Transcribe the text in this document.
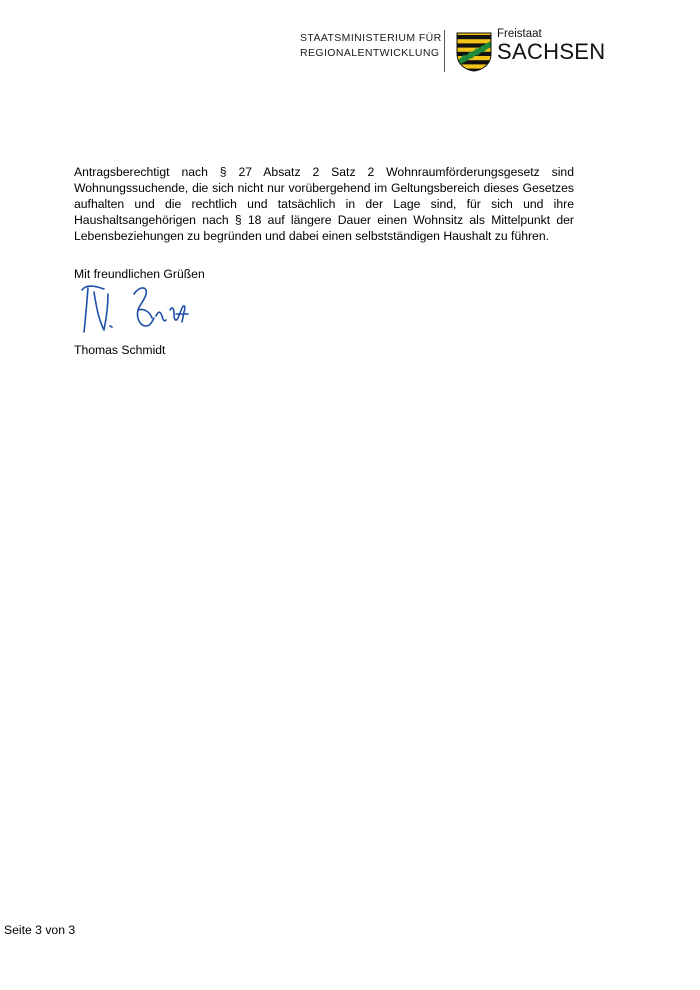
STAATSMINISTERIUM FÜR
REGIONALENTWICKLUNG
Freistaat
SACHSEN

Antragsberechtigt nach § 27 Absatz 2 Satz 2 Wohnraumförderungsgesetz sind Wohnungssuchende, die sich nicht nur vorübergehend im Geltungsbereich dieses Gesetzes aufhalten und die rechtlich und tatsächlich in der Lage sind, für sich und ihre Haushaltsangehörigen nach § 18 auf längere Dauer einen Wohnsitz als Mittelpunkt der Lebensbeziehungen zu begründen und dabei einen selbstständigen Haushalt zu führen.

Mit freundlichen Grüßen
Thomas Schmidt
Seite 3 von 3
